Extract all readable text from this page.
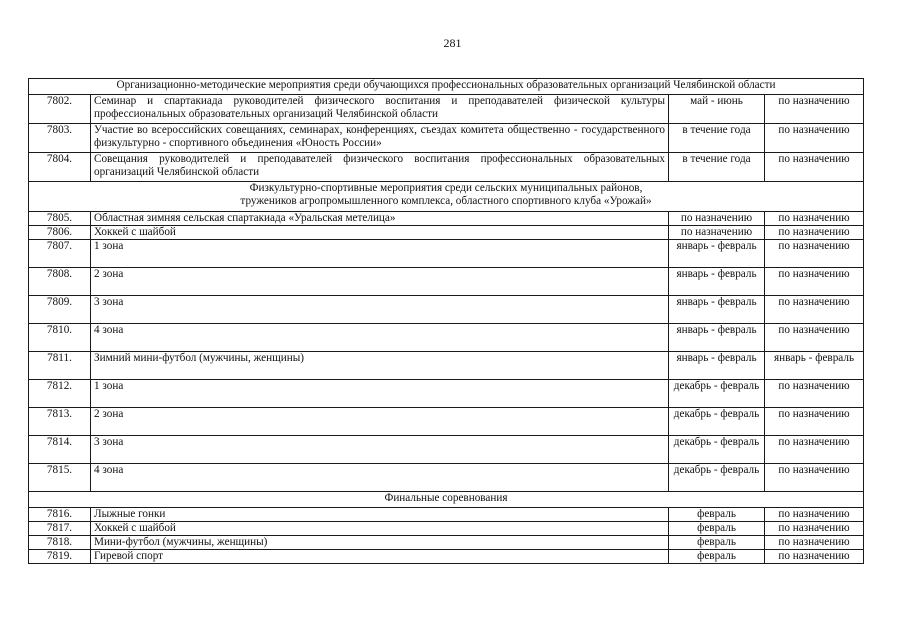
281
Организационно-методические мероприятия среди обучающихся профессиональных образовательных организаций Челябинской области			
7802.	Семинар и спартакиада руководителей физического воспитания и преподавателей физической культуры профессиональных образовательных организаций Челябинской области	май - июнь	по назначению
7803.	Участие во всероссийских совещаниях, семинарах, конференциях, съездах комитета общественно - государственного физкультурно - спортивного объединения «Юность России»	в течение года	по назначению
7804.	Совещания руководителей и преподавателей физического воспитания профессиональных образовательных организаций Челябинской области	в течение года	по назначению

Физкультурно-спортивные мероприятия среди сельских муниципальных районов,
тружеников агропромышленного комплекса, областного спортивного клуба «Урожай»			

7805.	Областная зимняя сельская спартакиада «Уральская метелица»	по назначению	по назначению
7806.	Хоккей с шайбой	по назначению	по назначению
7807.	1 зона	январь - февраль	по назначению
7808.	2 зона	январь - февраль	по назначению
7809.	3 зона	январь - февраль	по назначению
7810.	4 зона	январь - февраль	по назначению
7811.	Зимний мини-футбол (мужчины, женщины)	январь - февраль	январь - февраль
7812.	1 зона	декабрь - февраль	по назначению
7813.	2 зона	декабрь - февраль	по назначению
7814.	3 зона	декабрь - февраль	по назначению
7815.	4 зона	декабрь - февраль	по назначению
Финальные соревнования			
7816.	Лыжные гонки	февраль	по назначению
7817.	Хоккей с шайбой	февраль	по назначению
7818.	Мини-футбол (мужчины, женщины)	февраль	по назначению
7819.	Гиревой спорт	февраль	по назначению
